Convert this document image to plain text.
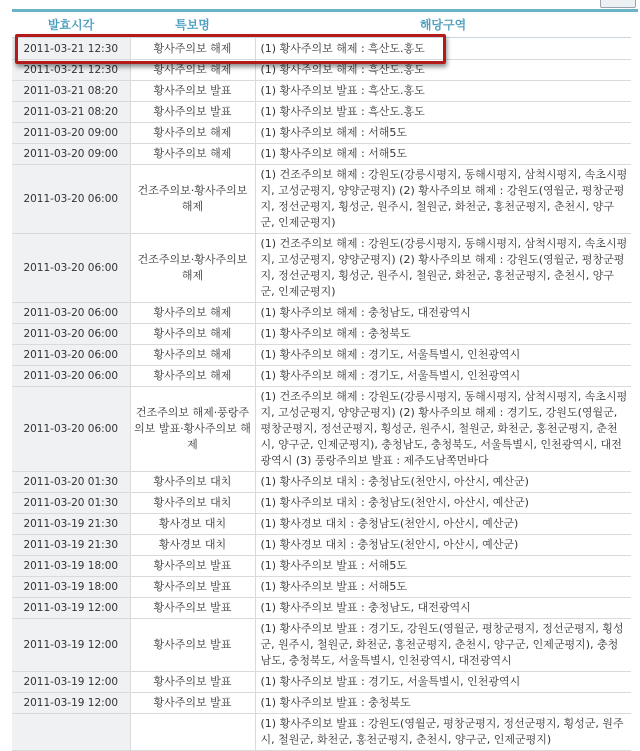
발효시각	특보명	해당구역
2011-03-21 12:30	황사주의보 해제	(1) 황사주의보 해제 : 흑산도.홍도
2011-03-21 12:30	황사주의보 해제	(1) 황사주의보 해제 : 흑산도.홍도
2011-03-21 08:20	황사주의보 발표	(1) 황사주의보 발표 : 흑산도.홍도
2011-03-21 08:20	황사주의보 발표	(1) 황사주의보 발표 : 흑산도.홍도
2011-03-20 09:00	황사주의보 해제	(1) 황사주의보 해제 : 서해5도
2011-03-20 09:00	황사주의보 해제	(1) 황사주의보 해제 : 서해5도
2011-03-20 06:00	건조주의보·황사주의보 해제	(1) 건조주의보 해제 : 강원도(강릉시평지, 동해시평지, 삼척시평지, 속초시평지, 고성군평지, 양양군평지) (2) 황사주의보 해제 : 강원도(영월군, 평창군평지, 정선군평지, 횡성군, 원주시, 철원군, 화천군, 홍천군평지, 춘천시, 양구군, 인제군평지)
2011-03-20 06:00	건조주의보·황사주의보 해제	(1) 건조주의보 해제 : 강원도(강릉시평지, 동해시평지, 삼척시평지, 속초시평지, 고성군평지, 양양군평지) (2) 황사주의보 해제 : 강원도(영월군, 평창군평지, 정선군평지, 횡성군, 원주시, 철원군, 화천군, 홍천군평지, 춘천시, 양구군, 인제군평지)
2011-03-20 06:00	황사주의보 해제	(1) 황사주의보 해제 : 충청남도, 대전광역시
2011-03-20 06:00	황사주의보 해제	(1) 황사주의보 해제 : 충청북도
2011-03-20 06:00	황사주의보 해제	(1) 황사주의보 해제 : 경기도, 서울특별시, 인천광역시
2011-03-20 06:00	황사주의보 해제	(1) 황사주의보 해제 : 경기도, 서울특별시, 인천광역시
2011-03-20 06:00	건조주의보 해제·풍랑주의보 발표·황사주의보 해제	(1) 건조주의보 해제 : 강원도(강릉시평지, 동해시평지, 삼척시평지, 속초시평지, 고성군평지, 양양군평지) (2) 황사주의보 해제 : 경기도, 강원도(영월군, 평창군평지, 정선군평지, 횡성군, 원주시, 철원군, 화천군, 홍천군평지, 춘천시, 양구군, 인제군평지), 충청남도, 충청북도, 서울특별시, 인천광역시, 대전광역시 (3) 풍랑주의보 발표 : 제주도남쪽먼바다
2011-03-20 01:30	황사주의보 대치	(1) 황사주의보 대치 : 충청남도(천안시, 아산시, 예산군)
2011-03-20 01:30	황사주의보 대치	(1) 황사주의보 대치 : 충청남도(천안시, 아산시, 예산군)
2011-03-19 21:30	황사경보 대치	(1) 황사경보 대치 : 충청남도(천안시, 아산시, 예산군)
2011-03-19 21:30	황사경보 대치	(1) 황사경보 대치 : 충청남도(천안시, 아산시, 예산군)
2011-03-19 18:00	황사주의보 발표	(1) 황사주의보 발표 : 서해5도
2011-03-19 18:00	황사주의보 발표	(1) 황사주의보 발표 : 서해5도
2011-03-19 12:00	황사주의보 발표	(1) 황사주의보 발표 : 충청남도, 대전광역시
2011-03-19 12:00	황사주의보 발표	(1) 황사주의보 발표 : 경기도, 강원도(영월군, 평창군평지, 정선군평지, 횡성군, 원주시, 철원군, 화천군, 홍천군평지, 춘천시, 양구군, 인제군평지), 충청남도, 충청북도, 서울특별시, 인천광역시, 대전광역시
2011-03-19 12:00	황사주의보 발표	(1) 황사주의보 발표 : 경기도, 서울특별시, 인천광역시
2011-03-19 12:00	황사주의보 발표	(1) 황사주의보 발표 : 충청북도
		(1) 황사주의보 발표 : 강원도(영월군, 평창군평지, 정선군평지, 횡성군, 원주시, 철원군, 화천군, 홍천군평지, 춘천시, 양구군, 인제군평지)
